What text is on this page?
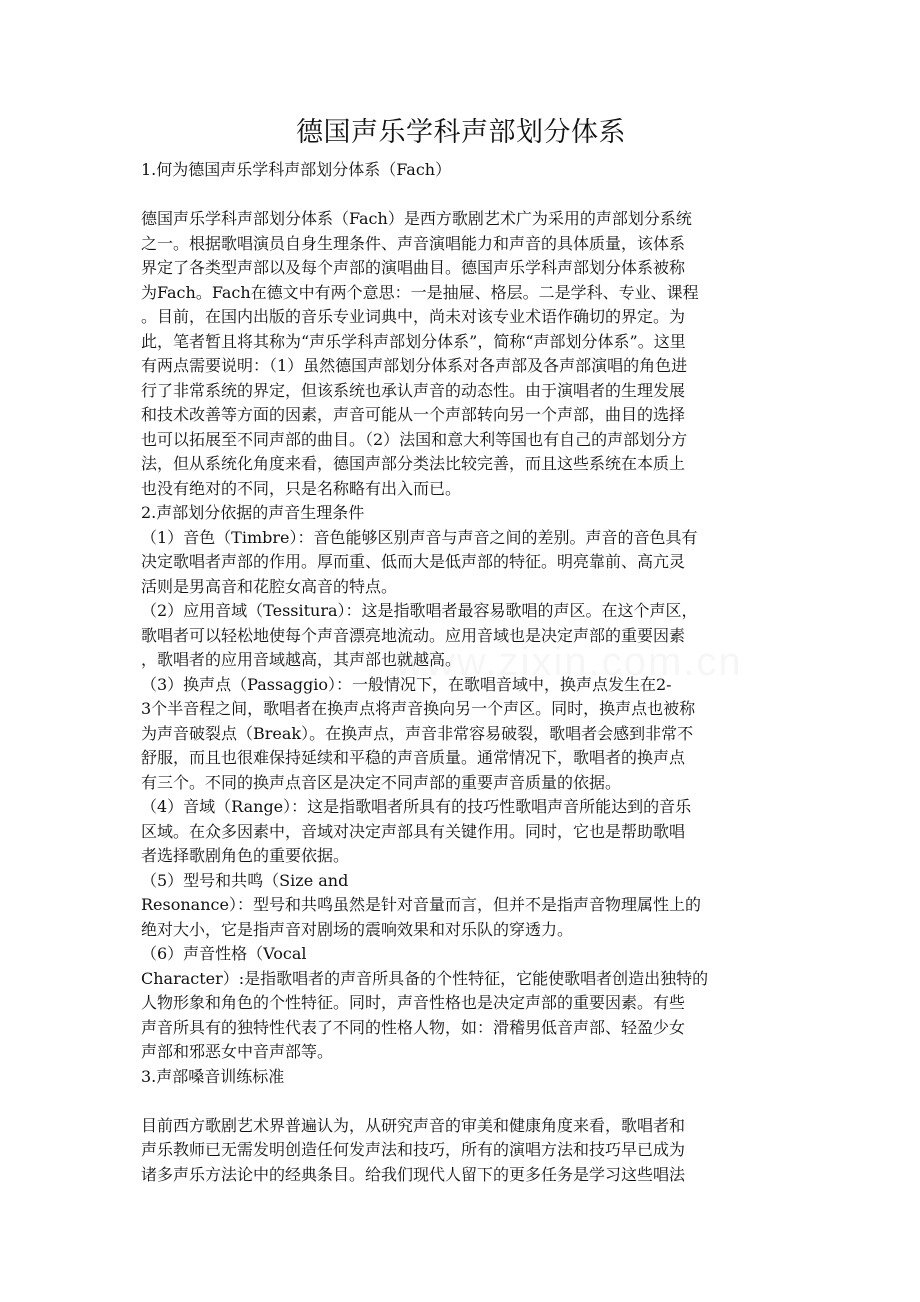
德国声乐学科声部划分体系

1.何为德国声乐学科声部划分体系（Fach）

德国声乐学科声部划分体系（Fach）是西方歌剧艺术广为采用的声部划分系统

之一。根据歌唱演员自身生理条件、声音演唱能力和声音的具体质量，该体系

界定了各类型声部以及每个声部的演唱曲目。德国声乐学科声部划分体系被称

为Fach。Fach在德文中有两个意思：一是抽屉、格层。二是学科、专业、课程

。目前，在国内出版的音乐专业词典中，尚未对该专业术语作确切的界定。为

此，笔者暂且将其称为“声乐学科声部划分体系”，简称“声部划分体系”。这里

有两点需要说明：（1）虽然德国声部划分体系对各声部及各声部演唱的角色进

行了非常系统的界定，但该系统也承认声音的动态性。由于演唱者的生理发展

和技术改善等方面的因素，声音可能从一个声部转向另一个声部，曲目的选择

也可以拓展至不同声部的曲目。（2）法国和意大利等国也有自己的声部划分方

法，但从系统化角度来看，德国声部分类法比较完善，而且这些系统在本质上

也没有绝对的不同，只是名称略有出入而已。

2.声部划分依据的声音生理条件

（1）音色（Timbre）：音色能够区别声音与声音之间的差别。声音的音色具有

决定歌唱者声部的作用。厚而重、低而大是低声部的特征。明亮靠前、高亢灵

活则是男高音和花腔女高音的特点。

（2）应用音域（Tessitura）：这是指歌唱者最容易歌唱的声区。在这个声区，

歌唱者可以轻松地使每个声音漂亮地流动。应用音域也是决定声部的重要因素

，歌唱者的应用音域越高，其声部也就越高。

（3）换声点（Passaggio）：一般情况下，在歌唱音域中，换声点发生在2-

3个半音程之间，歌唱者在换声点将声音换向另一个声区。同时，换声点也被称

为声音破裂点（Break）。在换声点，声音非常容易破裂，歌唱者会感到非常不

舒服，而且也很难保持延续和平稳的声音质量。通常情况下，歌唱者的换声点

有三个。不同的换声点音区是决定不同声部的重要声音质量的依据。

（4）音域（Range）：这是指歌唱者所具有的技巧性歌唱声音所能达到的音乐

区域。在众多因素中，音域对决定声部具有关键作用。同时，它也是帮助歌唱

者选择歌剧角色的重要依据。

（5）型号和共鸣（Size and

Resonance）：型号和共鸣虽然是针对音量而言，但并不是指声音物理属性上的

绝对大小，它是指声音对剧场的震响效果和对乐队的穿透力。

（6）声音性格（Vocal

Character）:是指歌唱者的声音所具备的个性特征，它能使歌唱者创造出独特的

人物形象和角色的个性特征。同时，声音性格也是决定声部的重要因素。有些

声音所具有的独特性代表了不同的性格人物，如：滑稽男低音声部、轻盈少女

声部和邪恶女中音声部等。

3.声部嗓音训练标准

目前西方歌剧艺术界普遍认为，从研究声音的审美和健康角度来看，歌唱者和

声乐教师已无需发明创造任何发声法和技巧，所有的演唱方法和技巧早已成为

诸多声乐方法论中的经典条目。给我们现代人留下的更多任务是学习这些唱法
